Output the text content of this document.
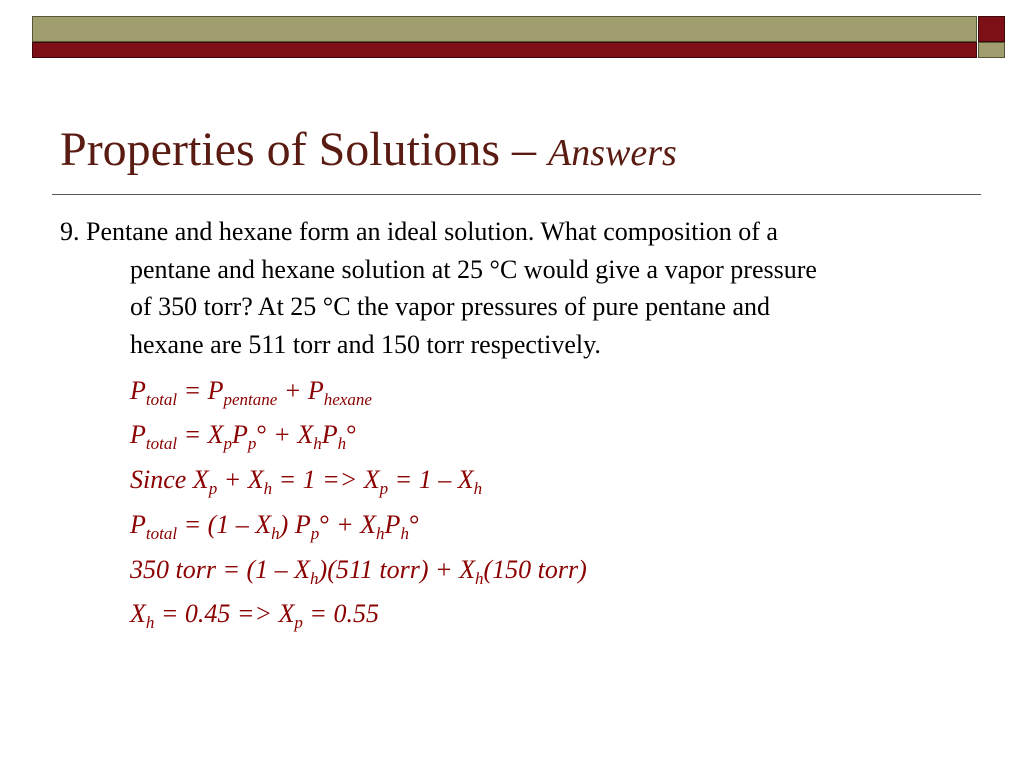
Properties of Solutions – Answers
9. Pentane and hexane form an ideal solution. What composition of a
pentane and hexane solution at 25 °C would give a vapor pressure
of 350 torr? At 25 °C the vapor pressures of pure pentane and
hexane are 511 torr and 150 torr respectively.
$P_{total} = P_{pentane} + P_{hexane}$
$P_{total} = X_pP_p^\circ + X_hP_h^\circ$
Since $X_p + X_h = 1 => X_p = 1 - X_h$
$P_{total} = (1 - X_h) P_p^\circ + X_hP_h^\circ$
350 torr = $(1 - X_h)(511$ torr) + $X_h(150$ torr)
$X_h = 0.45 => X_p = 0.55$
